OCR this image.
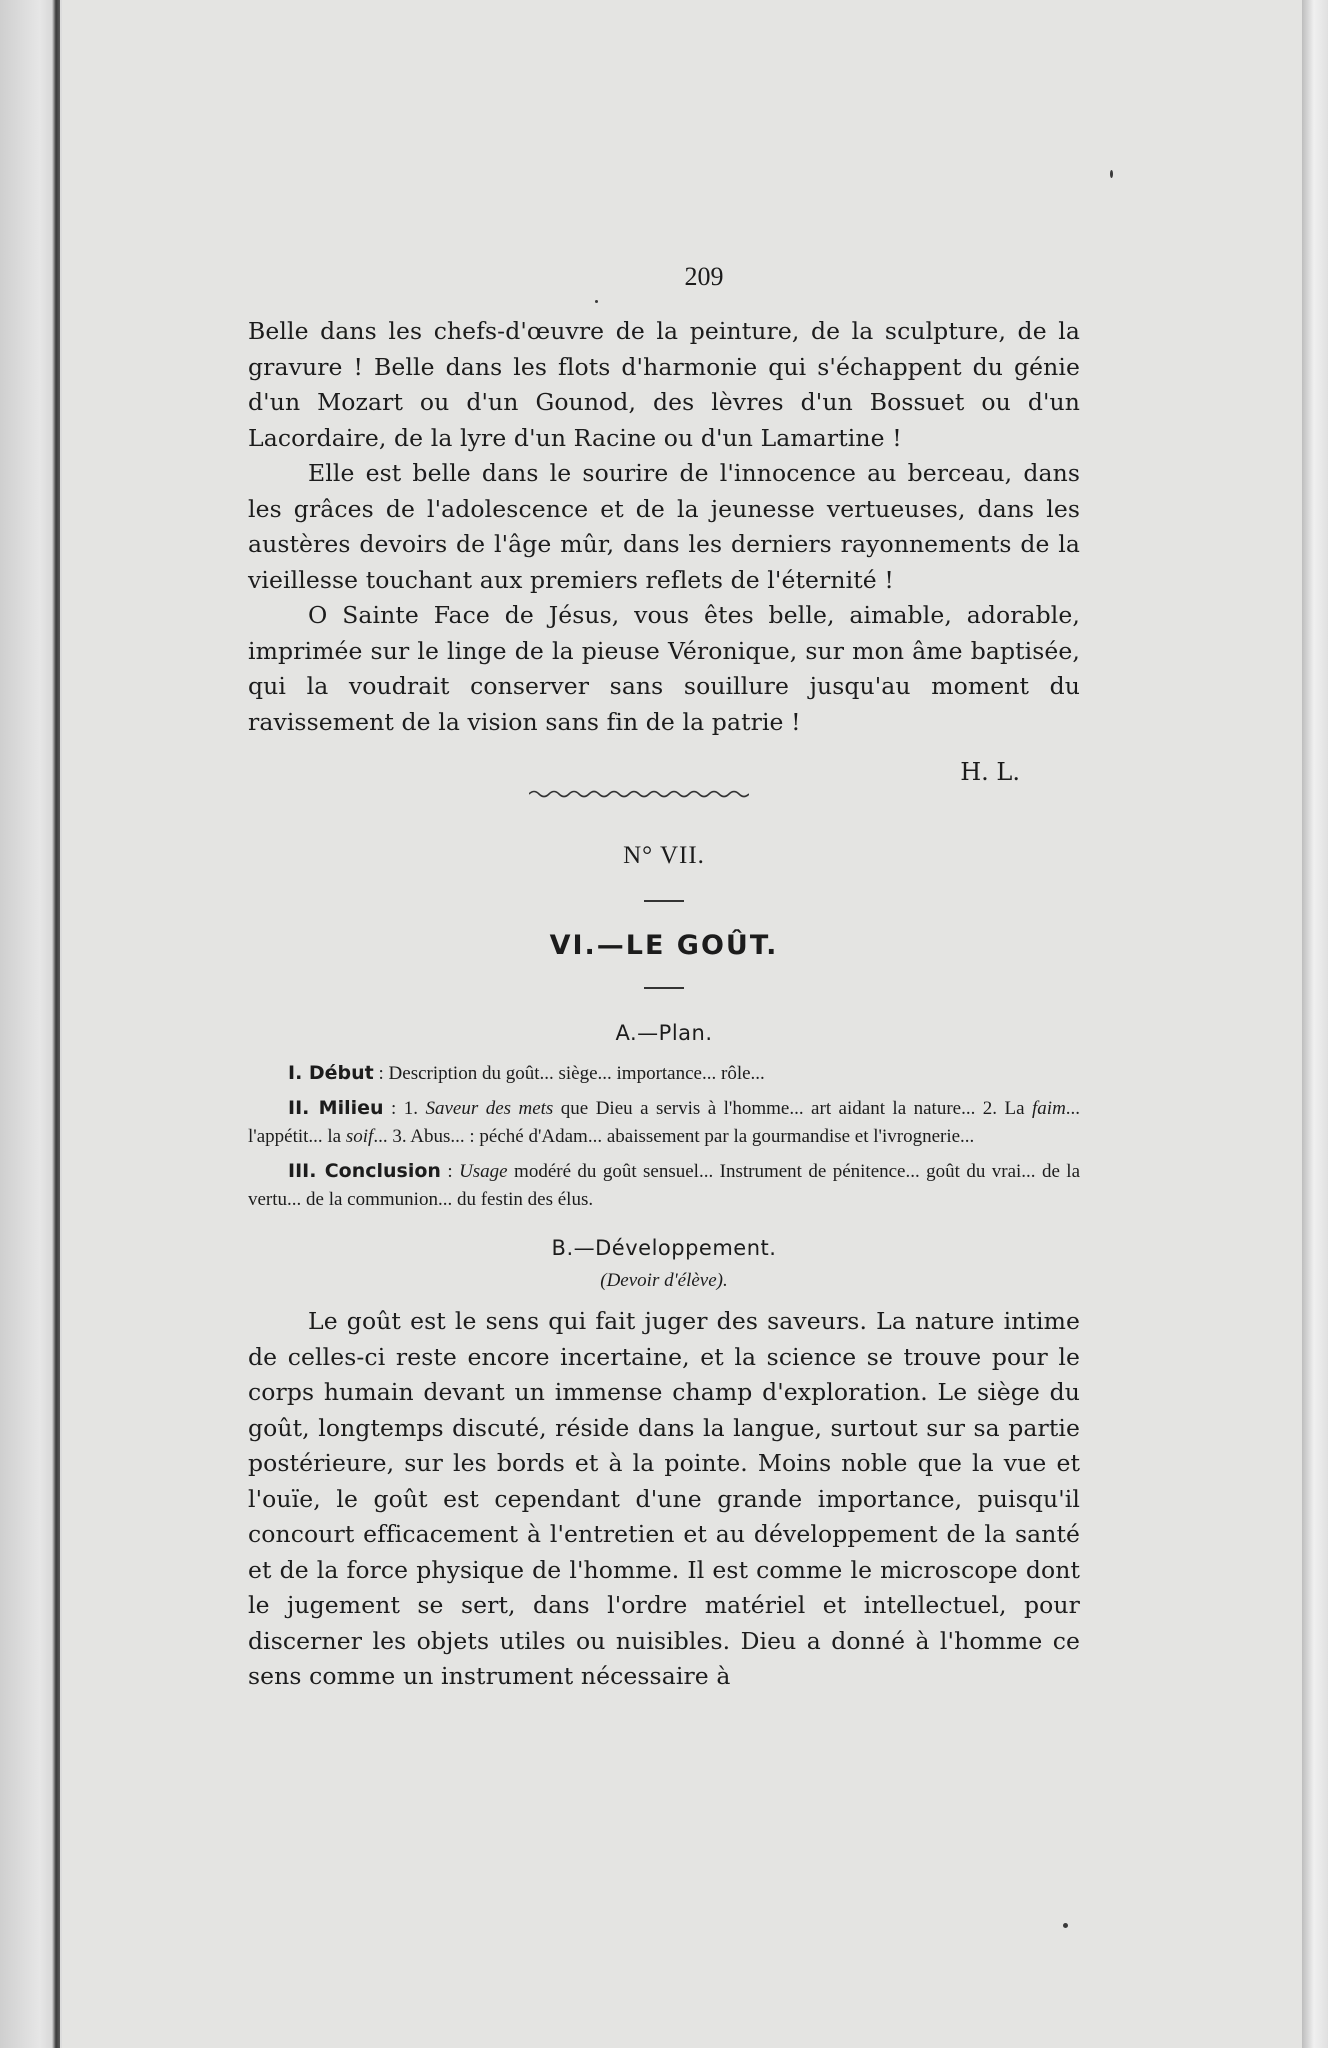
209

Belle dans les chefs-d'œuvre de la peinture, de la sculpture, de la gravure ! Belle dans les flots d'harmonie qui s'échappent du génie d'un Mozart ou d'un Gounod, des lèvres d'un Bossuet ou d'un Lacordaire, de la lyre d'un Racine ou d'un Lamartine !

Elle est belle dans le sourire de l'innocence au berceau, dans les grâces de l'adolescence et de la jeunesse vertueuses, dans les austères devoirs de l'âge mûr, dans les derniers rayonnements de la vieillesse touchant aux premiers reflets de l'éternité !

O Sainte Face de Jésus, vous êtes belle, aimable, adorable, imprimée sur le linge de la pieuse Véronique, sur mon âme baptisée, qui la voudrait conserver sans souillure jusqu'au moment du ravissement de la vision sans fin de la patrie !

H. L.
N° VII.
VI.—LE GOÛT.
A.—Plan.

I. Début : Description du goût... siège... importance... rôle...

II. Milieu : 1. Saveur des mets que Dieu a servis à l'homme... art aidant la nature... 2. La faim... l'appétit... la soif... 3. Abus... : péché d'Adam... abaissement par la gourmandise et l'ivrognerie...

III. Conclusion : Usage modéré du goût sensuel... Instrument de pénitence... goût du vrai... de la vertu... de la communion... du festin des élus.

B.—Développement.
(Devoir d'élève).

Le goût est le sens qui fait juger des saveurs. La nature intime de celles-ci reste encore incertaine, et la science se trouve pour le corps humain devant un immense champ d'exploration. Le siège du goût, longtemps discuté, réside dans la langue, surtout sur sa partie postérieure, sur les bords et à la pointe. Moins noble que la vue et l'ouïe, le goût est cependant d'une grande importance, puisqu'il concourt efficacement à l'entretien et au développement de la santé et de la force physique de l'homme. Il est comme le microscope dont le jugement se sert, dans l'ordre matériel et intellectuel, pour discerner les objets utiles ou nuisibles. Dieu a donné à l'homme ce sens comme un instrument nécessaire à
